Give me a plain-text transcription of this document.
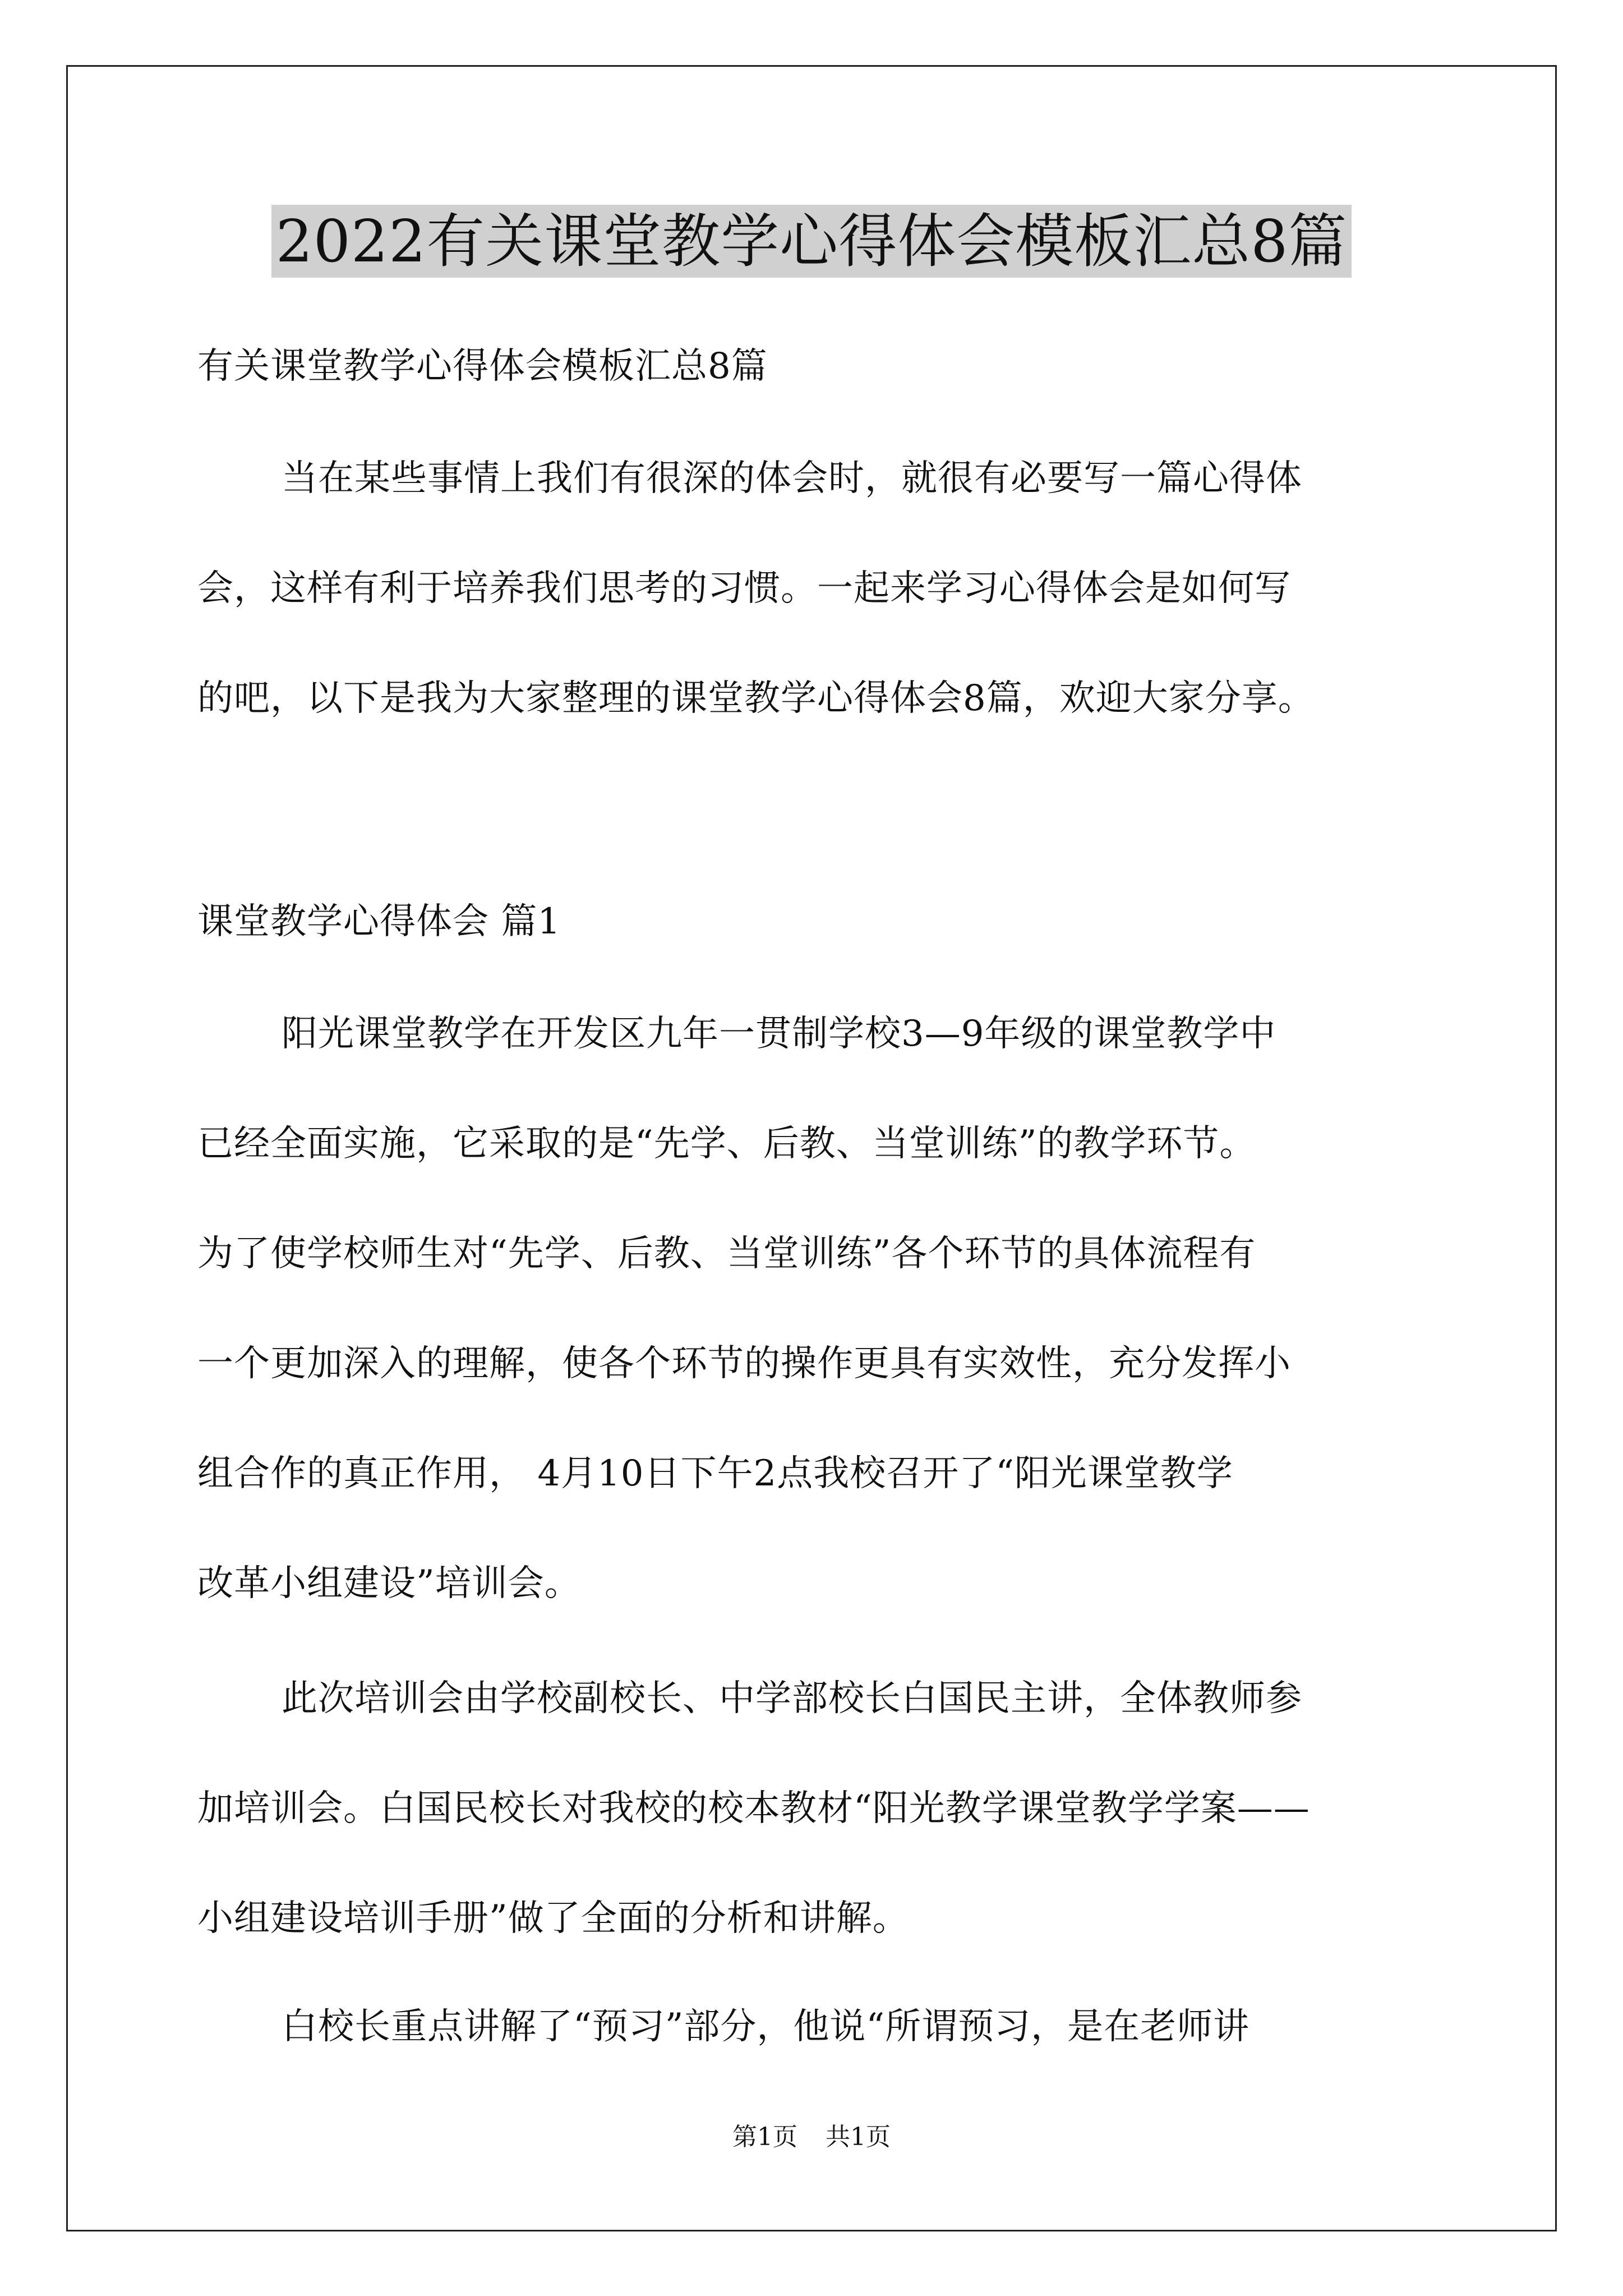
2022有关课堂教学心得体会模板汇总8篇
有关课堂教学心得体会模板汇总8篇
当在某些事情上我们有很深的体会时，就很有必要写一篇心得体
会，这样有利于培养我们思考的习惯。一起来学习心得体会是如何写
的吧，以下是我为大家整理的课堂教学心得体会8篇，欢迎大家分享。
课堂教学心得体会 篇1
阳光课堂教学在开发区九年一贯制学校3—9年级的课堂教学中
已经全面实施，它采取的是“先学、后教、当堂训练”的教学环节。
为了使学校师生对“先学、后教、当堂训练”各个环节的具体流程有
一个更加深入的理解，使各个环节的操作更具有实效性，充分发挥小
组合作的真正作用， 4月10日下午2点我校召开了“阳光课堂教学
改革小组建设”培训会。
此次培训会由学校副校长、中学部校长白国民主讲，全体教师参
加培训会。白国民校长对我校的校本教材“阳光教学课堂教学学案——
小组建设培训手册”做了全面的分析和讲解。
白校长重点讲解了“预习”部分，他说“所谓预习，是在老师讲
第1页 共1页
